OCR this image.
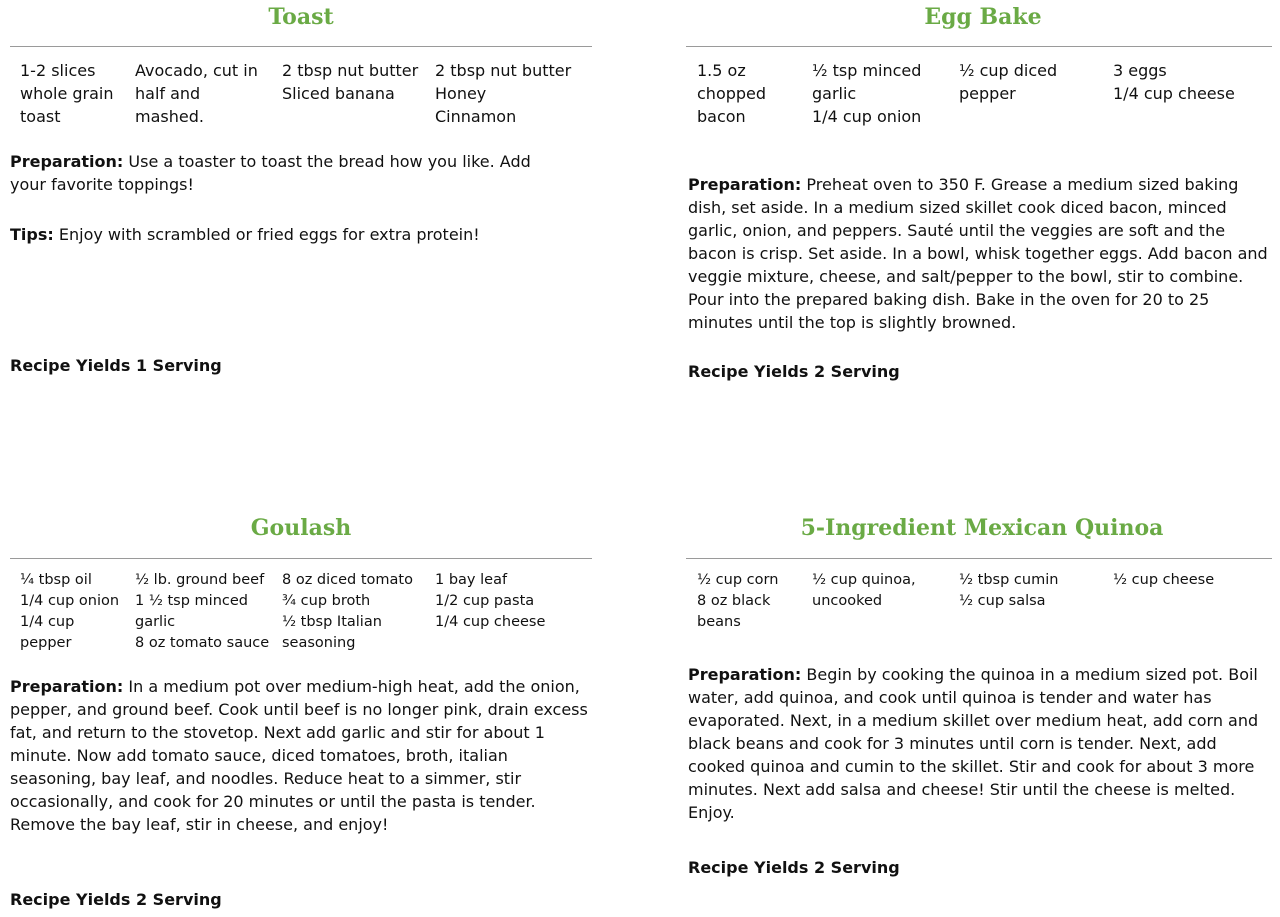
Toast
1-2 slices
whole grain
toast
Avocado, cut in
half and
mashed.
2 tbsp nut butter
Sliced banana
2 tbsp nut butter
Honey
Cinnamon
Preparation: Use a toaster to toast the bread how you like. Add your favorite toppings!
Tips: Enjoy with scrambled or fried eggs for extra protein!
Recipe Yields 1 Serving
Egg Bake
1.5 oz
chopped
bacon
½ tsp minced
garlic
1/4 cup onion
½ cup diced
pepper
3 eggs
1/4 cup cheese
Preparation: Preheat oven to 350 F. Grease a medium sized baking dish, set aside. In a medium sized skillet cook diced bacon, minced garlic, onion, and peppers. Sauté until the veggies are soft and the bacon is crisp. Set aside. In a bowl, whisk together eggs. Add bacon and veggie mixture, cheese, and salt/pepper to the bowl, stir to combine. Pour into the prepared baking dish. Bake in the oven for 20 to 25 minutes until the top is slightly browned.
Recipe Yields 2 Serving
Goulash
¼ tbsp oil
1/4 cup onion
1/4 cup
pepper
½ lb. ground beef
1 ½ tsp minced
garlic
8 oz tomato sauce
8 oz diced tomato
¾ cup broth
½ tbsp Italian
seasoning
1 bay leaf
1/2 cup pasta
1/4 cup cheese
Preparation: In a medium pot over medium-high heat, add the onion, pepper, and ground beef. Cook until beef is no longer pink, drain excess fat, and return to the stovetop. Next add garlic and stir for about 1 minute. Now add tomato sauce, diced tomatoes, broth, italian seasoning, bay leaf, and noodles. Reduce heat to a simmer, stir occasionally, and cook for 20 minutes or until the pasta is tender. Remove the bay leaf, stir in cheese, and enjoy!
Recipe Yields 2 Serving
5-Ingredient Mexican Quinoa
½ cup corn
8 oz black
beans
½ cup quinoa,
uncooked
½ tbsp cumin
½ cup salsa
½ cup cheese
Preparation: Begin by cooking the quinoa in a medium sized pot. Boil water, add quinoa, and cook until quinoa is tender and water has evaporated. Next, in a medium skillet over medium heat, add corn and black beans and cook for 3 minutes until corn is tender. Next, add cooked quinoa and cumin to the skillet. Stir and cook for about 3 more minutes. Next add salsa and cheese! Stir until the cheese is melted. Enjoy.
Recipe Yields 2 Serving
